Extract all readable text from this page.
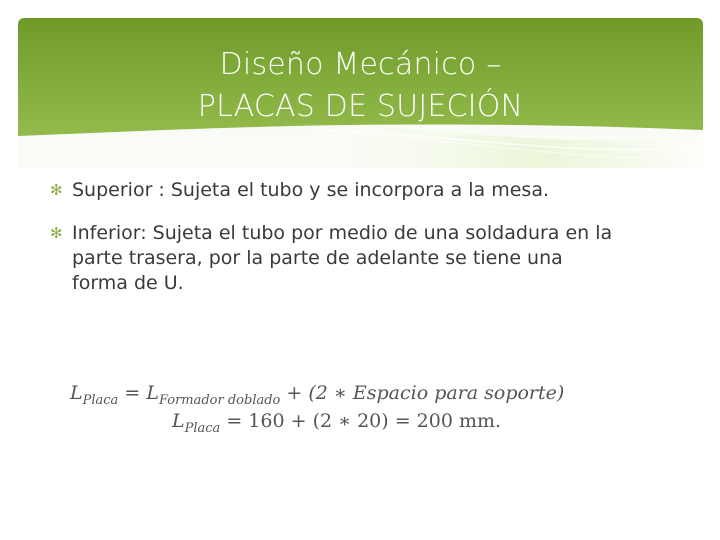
Diseño Mecánico –
PLACAS DE SUJECIÓN
✻ Superior : Sujeta el tubo y se incorpora a la mesa.
✻ Inferior: Sujeta el tubo por medio de una soldadura en la parte trasera, por la parte de adelante se tiene una forma de U.
$L_{Placa} = L_{Formador doblado} + (2$ ∗ Espacio para soporte)
$L_{Placa} = 160 + (2$ ∗ 20) = 200 mm.
